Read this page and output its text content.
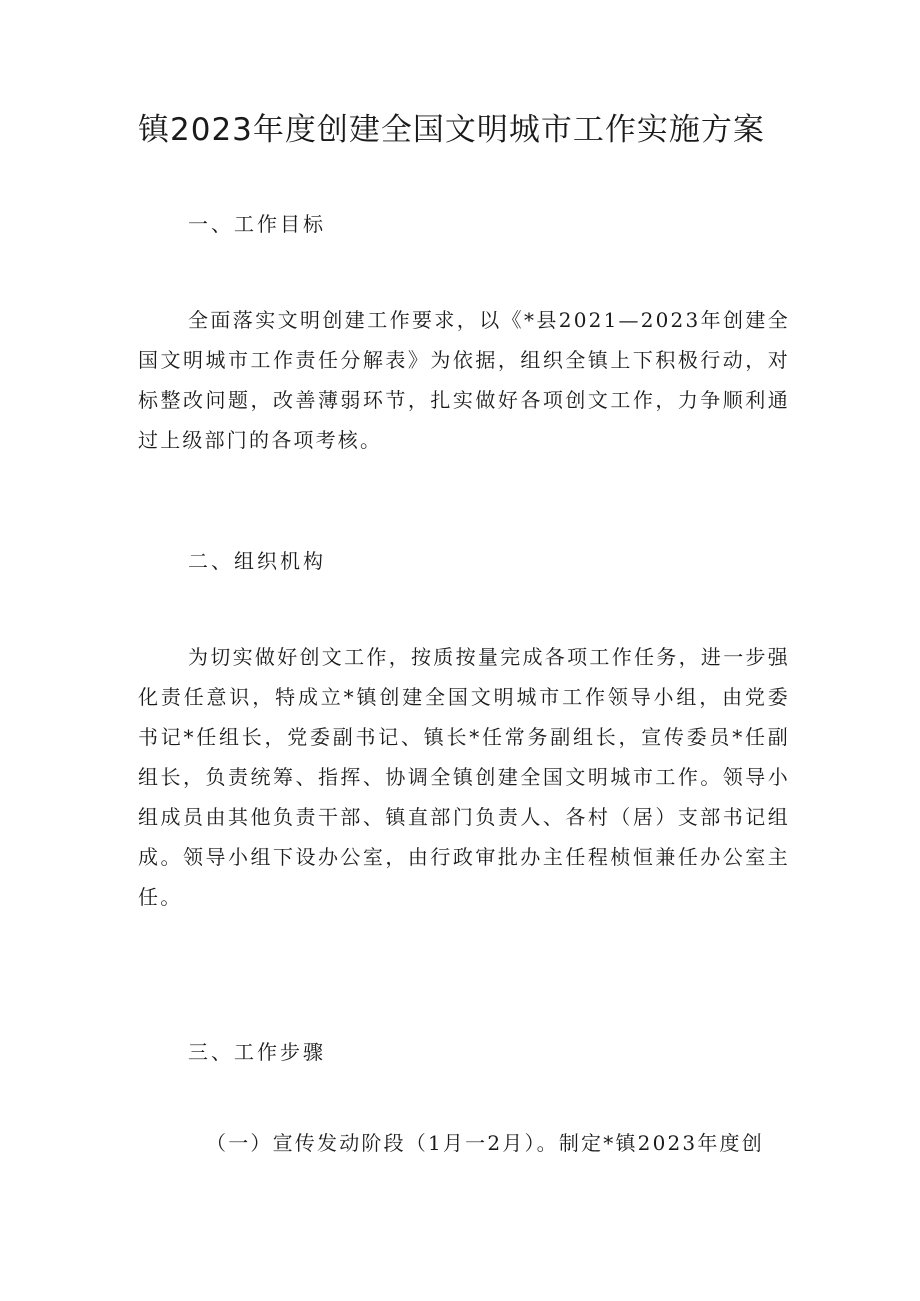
镇2023年度创建全国文明城市工作实施方案
一、工作目标

全面落实文明创建工作要求，以《*县2021—2023年创建全国文明城市工作责任分解表》为依据，组织全镇上下积极行动，对标整改问题，改善薄弱环节，扎实做好各项创文工作，力争顺利通过上级部门的各项考核。

二、组织机构

为切实做好创文工作，按质按量完成各项工作任务，进一步强化责任意识，特成立*镇创建全国文明城市工作领导小组，由党委书记*任组长，党委副书记、镇长*任常务副组长，宣传委员*任副组长，负责统筹、指挥、协调全镇创建全国文明城市工作。领导小组成员由其他负责干部、镇直部门负责人、各村（居）支部书记组成。领导小组下设办公室，由行政审批办主任程桢恒兼任办公室主任。

三、工作步骤

（一）宣传发动阶段（1月一2月）。制定*镇2023年度创
